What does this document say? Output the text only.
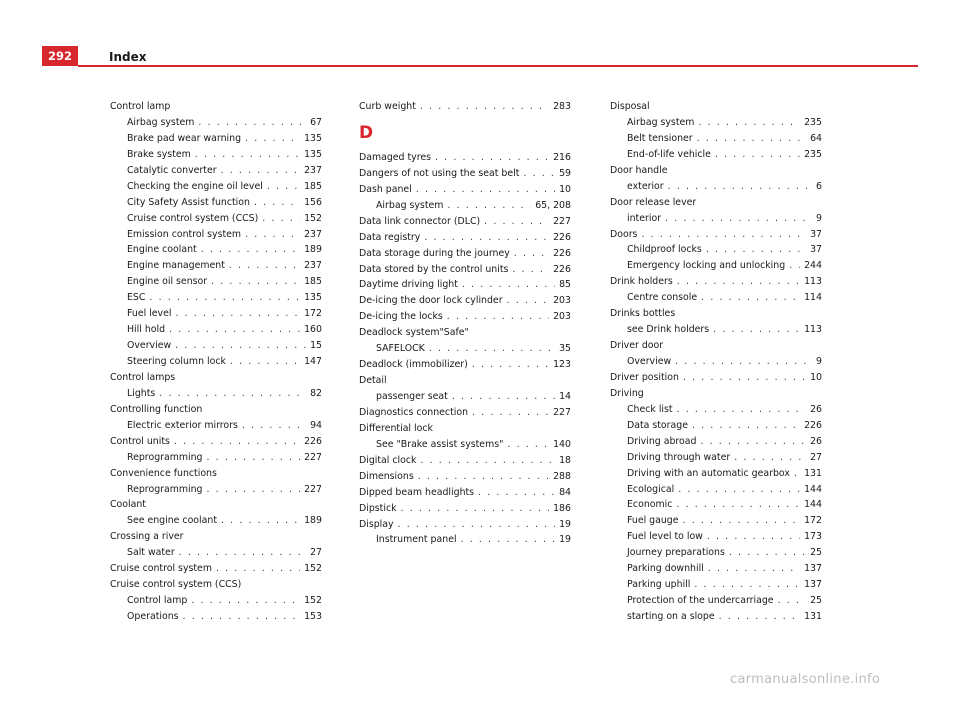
292	Index
Control lamp
Airbag system . . .	67
Brake pad wear warning . . .	135
Brake system . . .	135
Catalytic converter . . .	237
Checking the engine oil level . . .	185
City Safety Assist function . . .	156
Cruise control system (CCS) . . .	152
Emission control system . . .	237
Engine coolant . . .	189
Engine management . . .	237
Engine oil sensor . . .	185
ESC . . .	135
Fuel level . . .	172
Hill hold . . .	160
Overview . . .	15
Steering column lock . . .	147
Control lamps
Lights . . .	82
Controlling function
Electric exterior mirrors . . .	94
Control units . . .	226
Reprogramming . . .	227
Convenience functions
Reprogramming . . .	227
Coolant
See engine coolant . . .	189
Crossing a river
Salt water . . .	27
Cruise control system . . .	152
Cruise control system (CCS)
Control lamp . . .	152
Operations . . .	153
Curb weight . . .	283
D
Damaged tyres . . .	216
Dangers of not using the seat belt . . .	59
Dash panel . . .	10
Airbag system . . .	65, 208
Data link connector (DLC) . . .	227
Data registry . . .	226
Data storage during the journey . . .	226
Data stored by the control units . . .	226
Daytime driving light . . .	85
De-icing the door lock cylinder . . .	203
De-icing the locks . . .	203
Deadlock system"Safe"
SAFELOCK . . .	35
Deadlock (immobilizer) . . .	123
Detail
passenger seat . . .	14
Diagnostics connection . . .	227
Differential lock
See "Brake assist systems" . . .	140
Digital clock . . .	18
Dimensions . . .	288
Dipped beam headlights . . .	84
Dipstick . . .	186
Display . . .	19
Instrument panel . . .	19
Disposal
Airbag system . . .	235
Belt tensioner . . .	64
End-of-life vehicle . . .	235
Door handle
exterior . . .	6
Door release lever
interior . . .	9
Doors . . .	37
Childproof locks . . .	37
Emergency locking and unlocking . . . 244
Drink holders . . .	113
Centre console . . .	114
Drinks bottles
see Drink holders . . .	113
Driver door
Overview . . .	9
Driver position . . .	10
Driving
Check list . . .	26
Data storage . . .	226
Driving abroad . . .	26
Driving through water . . .	27
Driving with an automatic gearbox . . . 131
Ecological . . .	144
Economic . . .	144
Fuel gauge . . .	172
Fuel level to low . . .	173
Journey preparations . . .	25
Parking downhill . . .	137
Parking uphill . . .	137
Protection of the undercarriage . . .	25
starting on a slope . . .	131
carmanualsonline.info
